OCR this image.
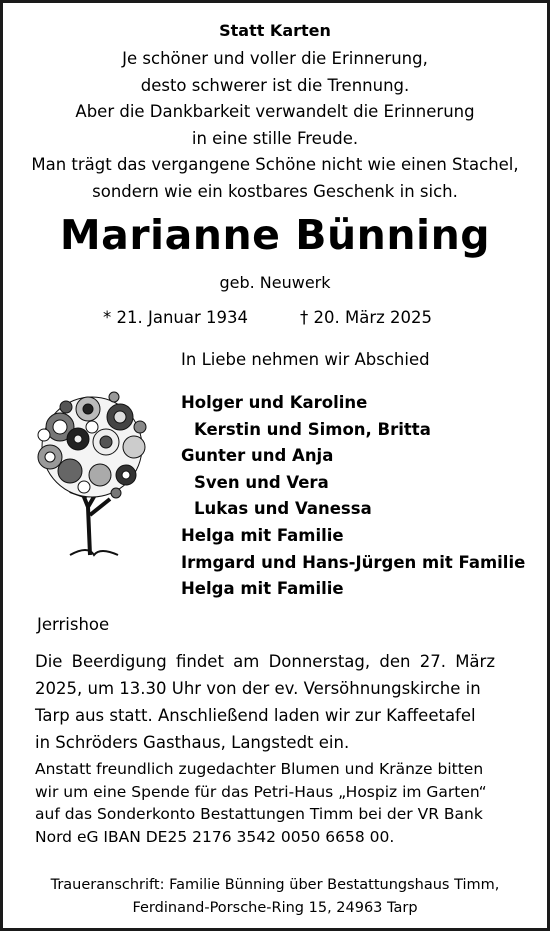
Statt Karten
Je schöner und voller die Erinnerung,
desto schwerer ist die Trennung.
Aber die Dankbarkeit verwandelt die Erinnerung
in eine stille Freude.
Man trägt das vergangene Schöne nicht wie einen Stachel,
sondern wie ein kostbares Geschenk in sich.
Marianne Bünning
geb. Neuwerk
* 21. Januar 1934	† 20. März 2025
In Liebe nehmen wir Abschied
Holger und Karoline
Kerstin und Simon, Britta
Gunter und Anja
Sven und Vera
Lukas und Vanessa
Helga mit Familie
Irmgard und Hans-Jürgen mit Familie
Helga mit Familie
Jerrishoe
Die Beerdigung findet am Donnerstag, den 27. März
2025, um 13.30 Uhr von der ev. Versöhnungskirche in
Tarp aus statt. Anschließend laden wir zur Kaffeetafel
in Schröders Gasthaus, Langstedt ein.
Anstatt freundlich zugedachter Blumen und Kränze bitten
wir um eine Spende für das Petri-Haus „Hospiz im Garten“
auf das Sonderkonto Bestattungen Timm bei der VR Bank
Nord eG IBAN DE25 2176 3542 0050 6658 00.
Traueranschrift: Familie Bünning über Bestattungshaus Timm,
Ferdinand-Porsche-Ring 15, 24963 Tarp
